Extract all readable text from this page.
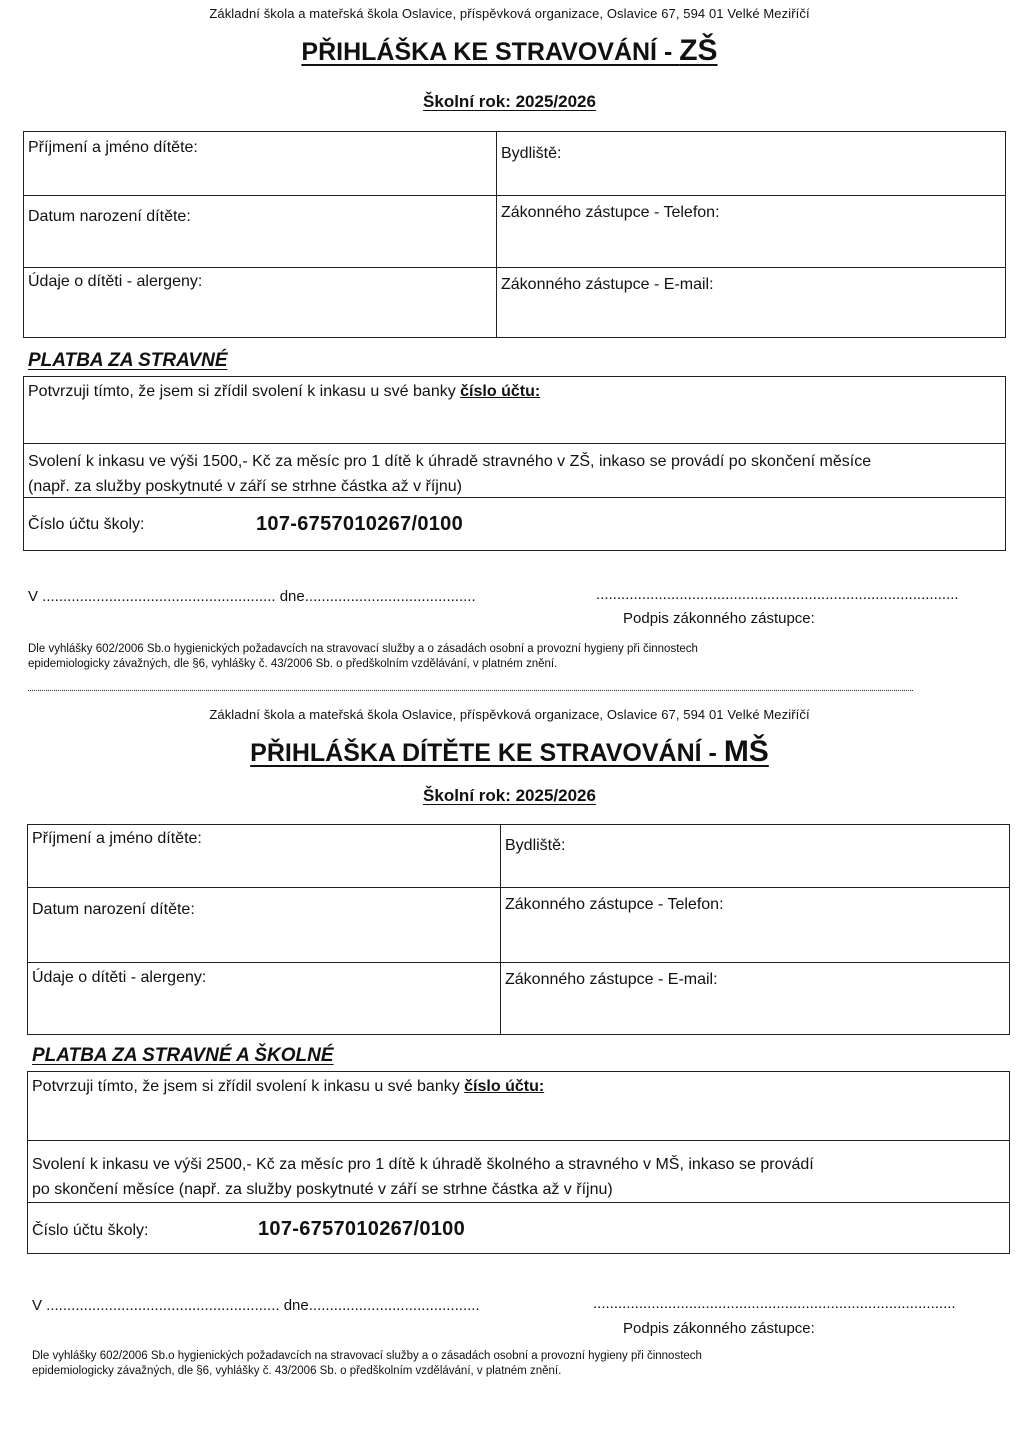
Základní škola a mateřská škola Oslavice, příspěvková organizace, Oslavice 67, 594 01 Velké Meziříčí
PŘIHLÁŠKA KE STRAVOVÁNÍ - ZŠ
Školní rok: 2025/2026
Příjmení a jméno dítěte:	Bydliště:
Datum narození dítěte:	Zákonného zástupce - Telefon:
Údaje o dítěti - alergeny:	Zákonného zástupce - E-mail:
PLATBA ZA STRAVNÉ
Potvrzuji tímto, že jsem si zřídil svolení k inkasu u své banky číslo účtu:
Svolení k inkasu ve výši 1500,- Kč za měsíc pro 1 dítě k úhradě stravného v ZŠ, inkaso se provádí po skončení měsíce
(např. za služby poskytnuté v září se strhne částka až v říjnu)
Číslo účtu školy:	107-6757010267/0100
V ........................................................ dne.........................................	.......................................................................................
Podpis zákonného zástupce:
Dle vyhlášky 602/2006 Sb.o hygienických požadavcích na stravovací služby a o zásadách osobní a provozní hygieny při činnostech
epidemiologicky závažných, dle §6, vyhlášky č. 43/2006 Sb. o předškolním vzdělávání, v platném znění.
Základní škola a mateřská škola Oslavice, příspěvková organizace, Oslavice 67, 594 01 Velké Meziříčí
PŘIHLÁŠKA DÍTĚTE KE STRAVOVÁNÍ - MŠ
Školní rok: 2025/2026
Příjmení a jméno dítěte:	Bydliště:
Datum narození dítěte:	Zákonného zástupce - Telefon:
Údaje o dítěti - alergeny:	Zákonného zástupce - E-mail:
PLATBA ZA STRAVNÉ A ŠKOLNÉ
Potvrzuji tímto, že jsem si zřídil svolení k inkasu u své banky číslo účtu:
Svolení k inkasu ve výši 2500,- Kč za měsíc pro 1 dítě k úhradě školného a stravného v MŠ, inkaso se provádí
po skončení měsíce (např. za služby poskytnuté v září se strhne částka až v říjnu)
Číslo účtu školy:	107-6757010267/0100
V ........................................................ dne.........................................	.......................................................................................
Podpis zákonného zástupce:
Dle vyhlášky 602/2006 Sb.o hygienických požadavcích na stravovací služby a o zásadách osobní a provozní hygieny při činnostech
epidemiologicky závažných, dle §6, vyhlášky č. 43/2006 Sb. o předškolním vzdělávání, v platném znění.
